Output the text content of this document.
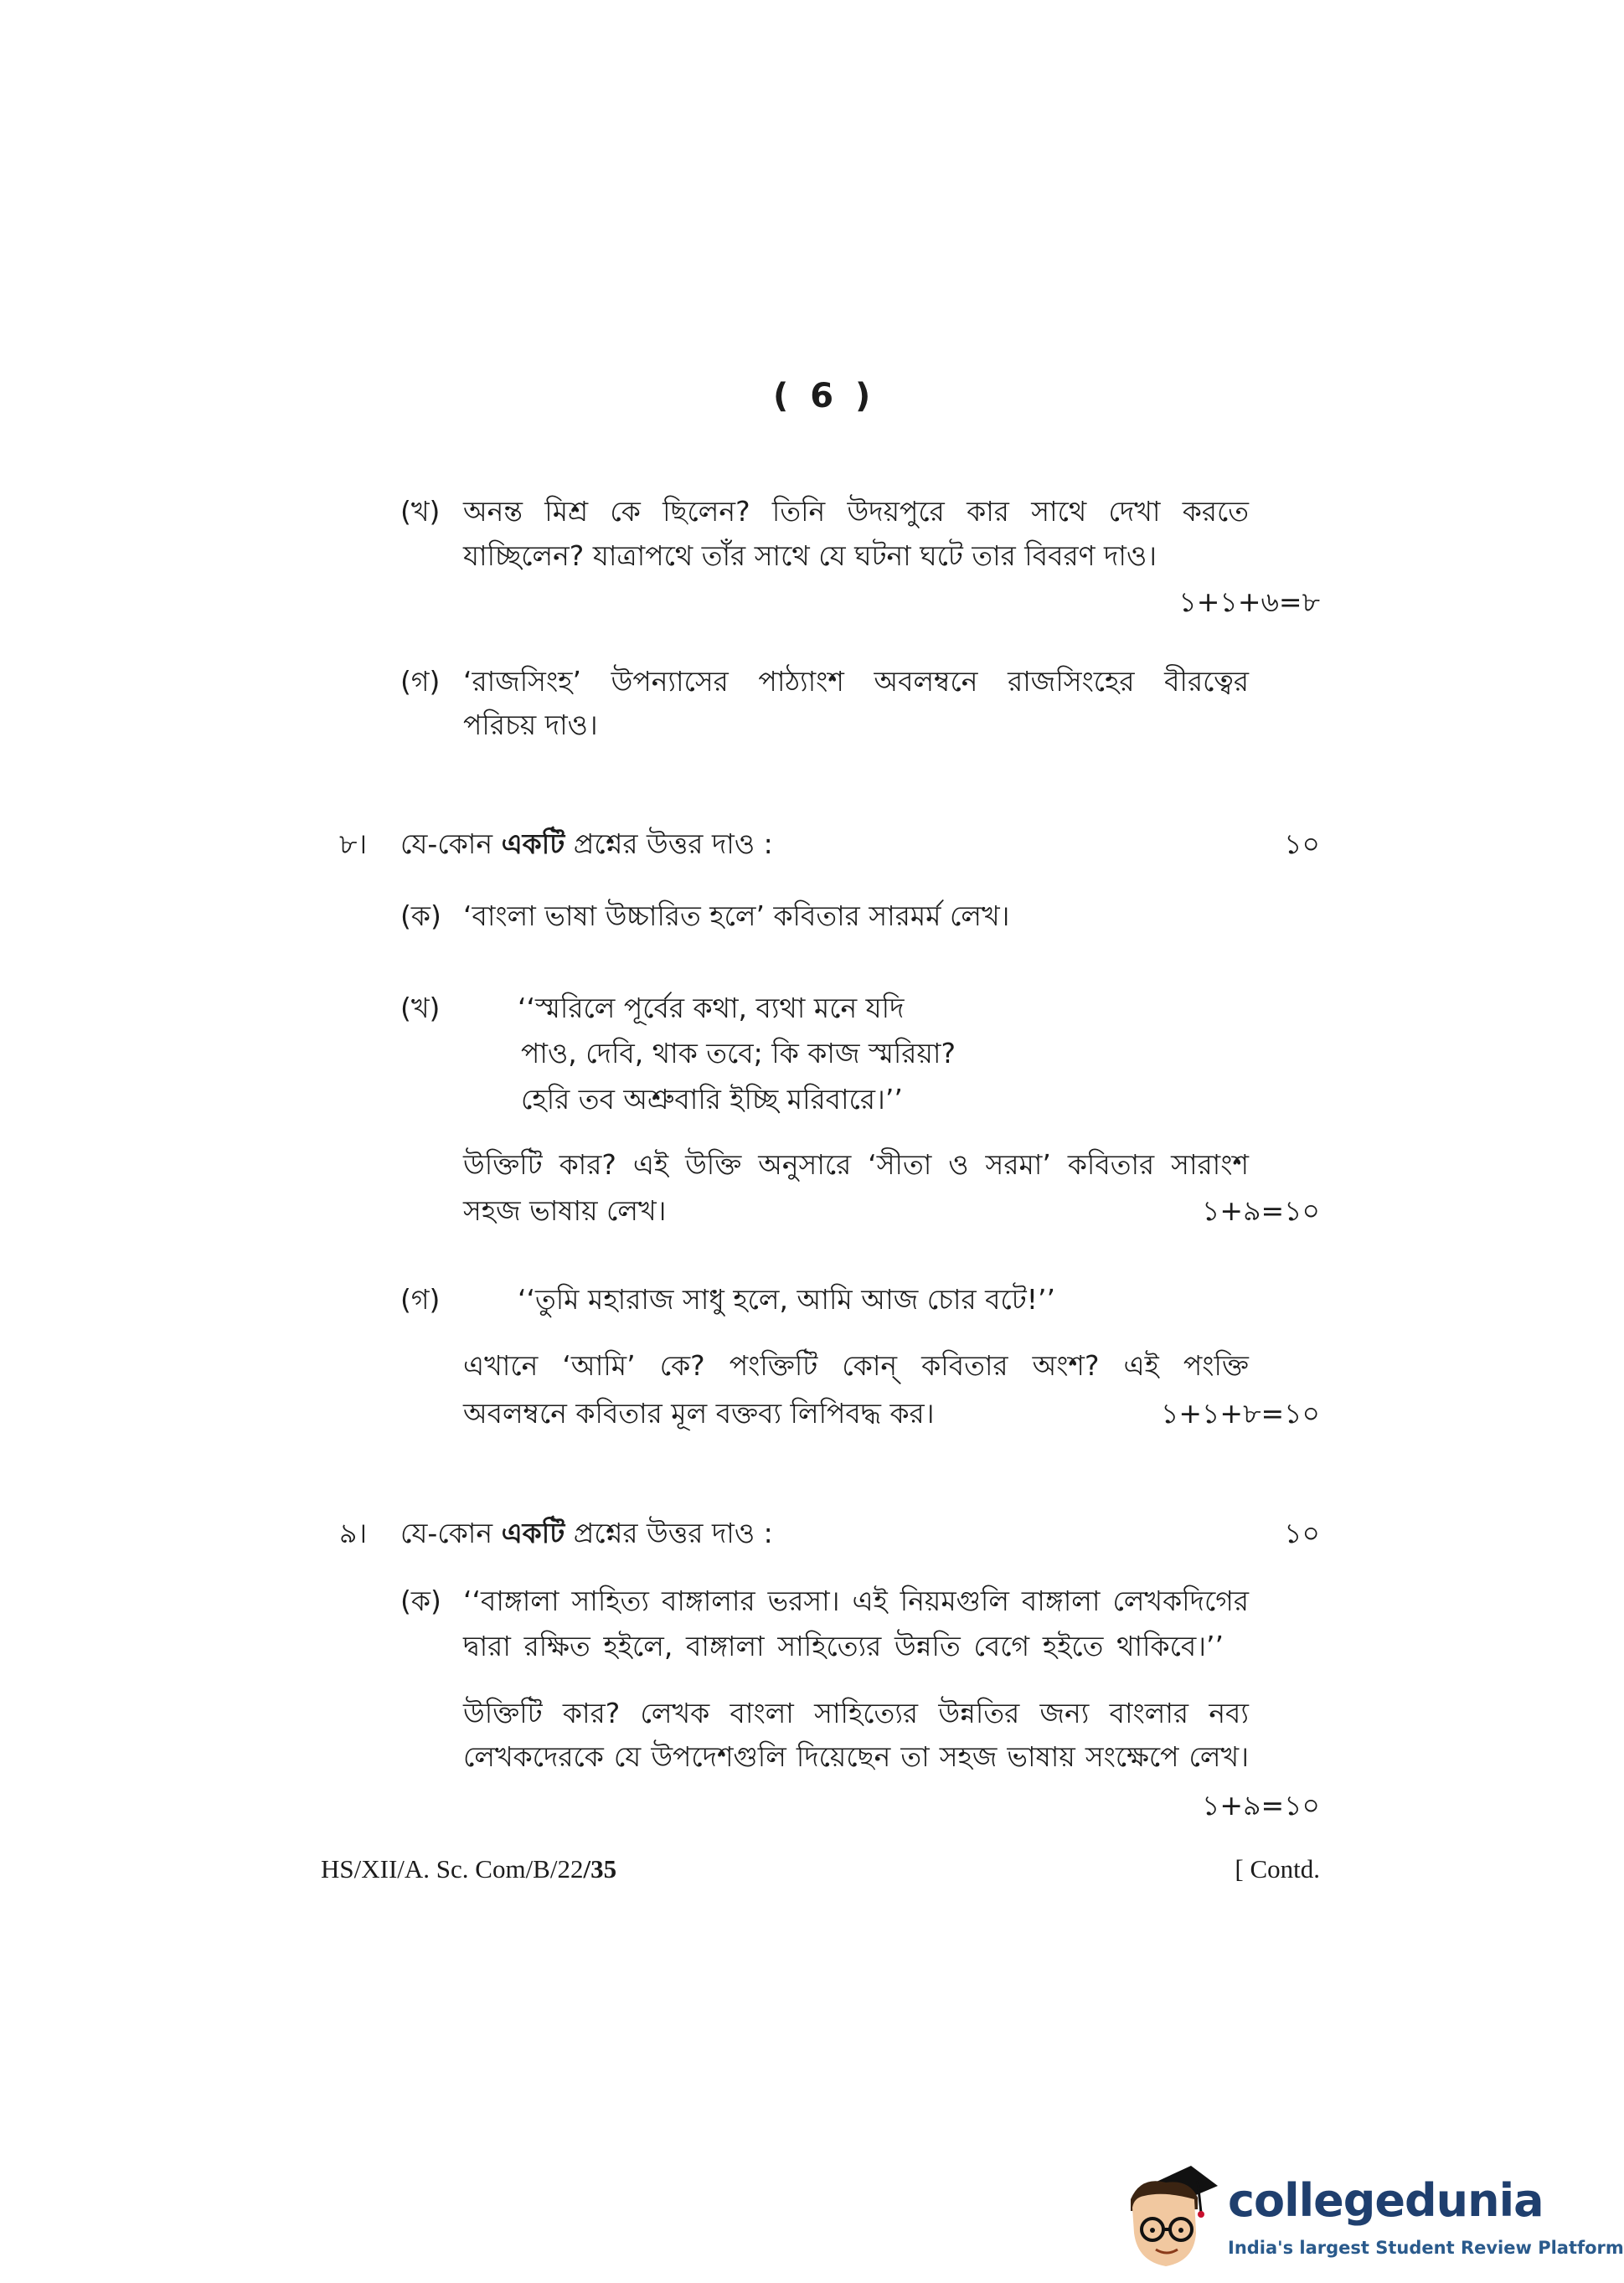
( 6 )
(খ) অনন্ত মিশ্র কে ছিলেন? তিনি উদয়পুরে কার সাথে দেখা করতে
যাচ্ছিলেন? যাত্রাপথে তাঁর সাথে যে ঘটনা ঘটে তার বিবরণ দাও।
১+১+৬=৮
(গ) ‘রাজসিংহ’ উপন্যাসের পাঠ্যাংশ অবলম্বনে রাজসিংহের বীরত্বের
পরিচয় দাও।
৮। যে-কোন একটি প্রশ্নের উত্তর দাও :	১০
(ক) ‘বাংলা ভাষা উচ্চারিত হলে’ কবিতার সারমর্ম লেখ।
(খ)	‘‘স্মরিলে পূর্বের কথা, ব্যথা মনে যদি
পাও, দেবি, থাক তবে; কি কাজ স্মরিয়া?
হেরি তব অশ্রুবারি ইচ্ছি মরিবারে।’’
উক্তিটি কার? এই উক্তি অনুসারে ‘সীতা ও সরমা’ কবিতার সারাংশ
সহজ ভাষায় লেখ।	১+৯=১০
(গ)	‘‘তুমি মহারাজ সাধু হলে, আমি আজ চোর বটে!’’
এখানে ‘আমি’ কে? পংক্তিটি কোন্ কবিতার অংশ? এই পংক্তি
অবলম্বনে কবিতার মূল বক্তব্য লিপিবদ্ধ কর।	১+১+৮=১০
৯। যে-কোন একটি প্রশ্নের উত্তর দাও :	১০
(ক) ‘‘বাঙ্গালা সাহিত্য বাঙ্গালার ভরসা। এই নিয়মগুলি বাঙ্গালা লেখকদিগের
দ্বারা রক্ষিত হইলে, বাঙ্গালা সাহিত্যের উন্নতি বেগে হইতে থাকিবে।’’
উক্তিটি কার? লেখক বাংলা সাহিত্যের উন্নতির জন্য বাংলার নব্য
লেখকদেরকে যে উপদেশগুলি দিয়েছেন তা সহজ ভাষায় সংক্ষেপে লেখ।
১+৯=১০
HS/XII/A. Sc. Com/B/22/35	[ Contd.
collegedunia
India's largest Student Review Platform
